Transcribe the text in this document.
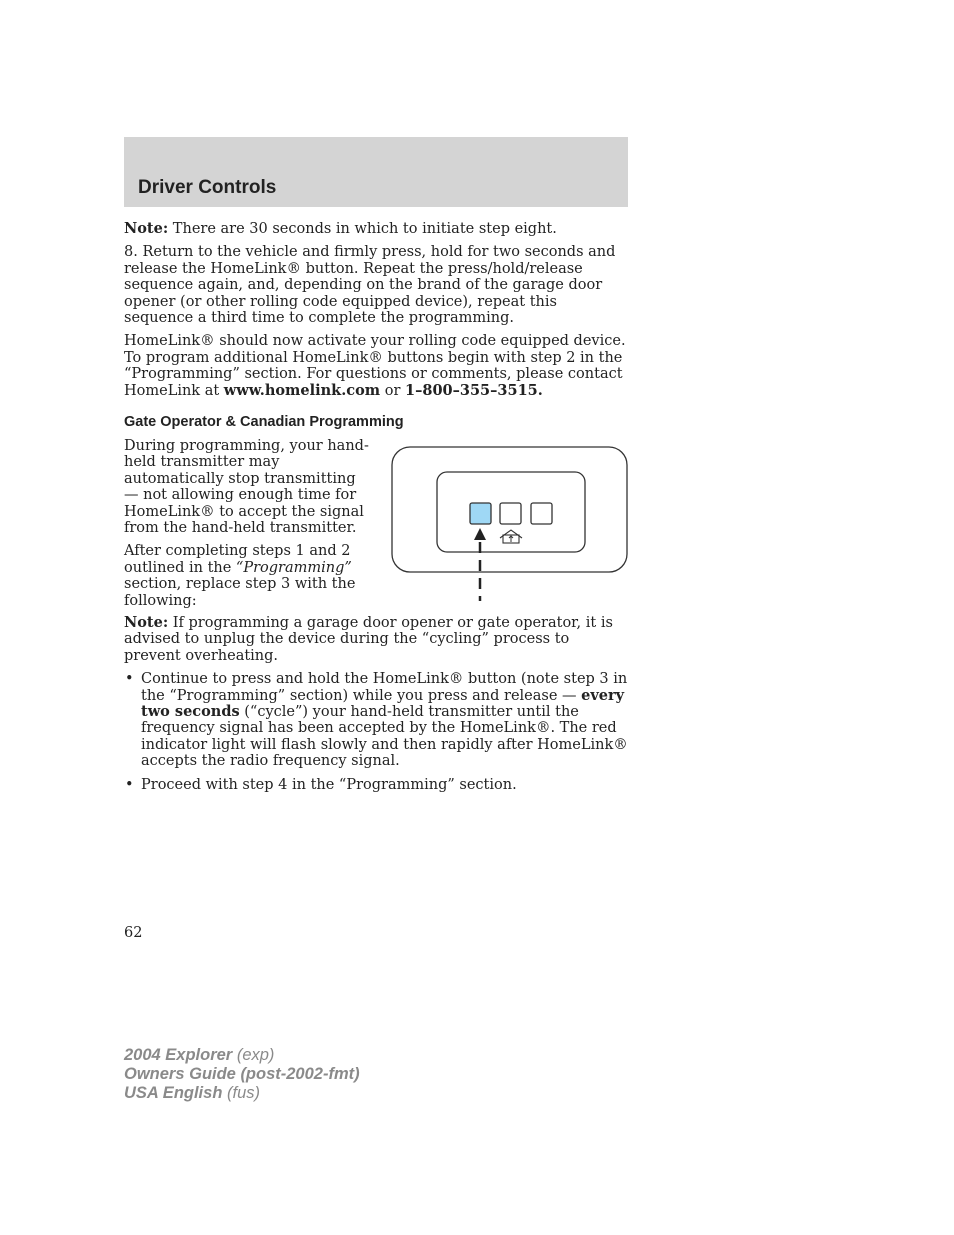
Driver Controls

Note: There are 30 seconds in which to initiate step eight.

8. Return to the vehicle and firmly press, hold for two seconds and release the HomeLink® button. Repeat the press/hold/release sequence again, and, depending on the brand of the garage door opener (or other rolling code equipped device), repeat this sequence a third time to complete the programming.

HomeLink® should now activate your rolling code equipped device. To program additional HomeLink® buttons begin with step 2 in the “Programming” section. For questions or comments, please contact HomeLink at www.homelink.com or 1–800–355–3515.

Gate Operator & Canadian Programming

During programming, your hand-held transmitter may automatically stop transmitting — not allowing enough time for HomeLink® to accept the signal from the hand-held transmitter.

After completing steps 1 and 2 outlined in the “Programming” section, replace step 3 with the following:

Note: If programming a garage door opener or gate operator, it is advised to unplug the device during the “cycling” process to prevent overheating.

• Continue to press and hold the HomeLink® button (note step 3 in the “Programming” section) while you press and release — every two seconds (“cycle”) your hand-held transmitter until the frequency signal has been accepted by the HomeLink®. The red indicator light will flash slowly and then rapidly after HomeLink® accepts the radio frequency signal.
• Proceed with step 4 in the “Programming” section.
62
2004 Explorer (exp)
Owners Guide (post-2002-fmt)
USA English (fus)
